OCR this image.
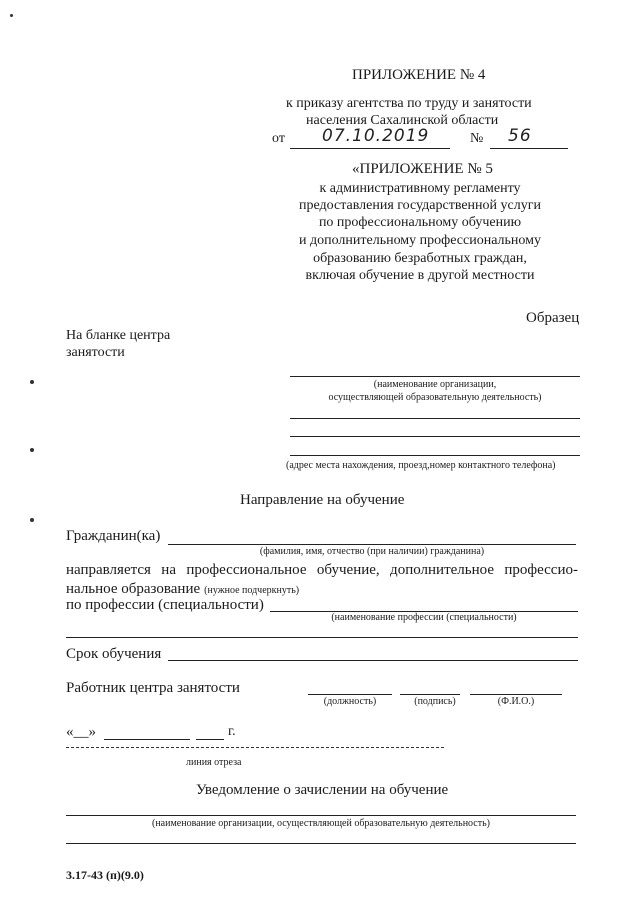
ПРИЛОЖЕНИЕ № 4
к приказу агентства по труду и занятости
населения Сахалинской области
от 07.10.2019	№ 56
«ПРИЛОЖЕНИЕ № 5
к административному регламенту
предоставления государственной услуги
по профессиональному обучению
и дополнительному профессиональному
образованию безработных граждан,
включая обучение в другой местности
Образец
На бланке центра
занятости
(наименование организации,
осуществляющей образовательную деятельность)
(адрес места нахождения, проезд,номер контактного телефона)
Направление на обучение
Гражданин(ка)
(фамилия, имя, отчество (при наличии) гражданина)
направляется на профессиональное обучение, дополнительное профессио-
нальное образование (нужное подчеркнуть)
по профессии (специальности)
(наименование профессии (специальности)
Срок обучения
Работник центра занятости
(должность)	(подпись)	(Ф.И.О.)
«__»	г.
линия отреза
Уведомление о зачислении на обучение
(наименование организации, осуществляющей образовательную деятельность)
3.17-43 (п)(9.0)
